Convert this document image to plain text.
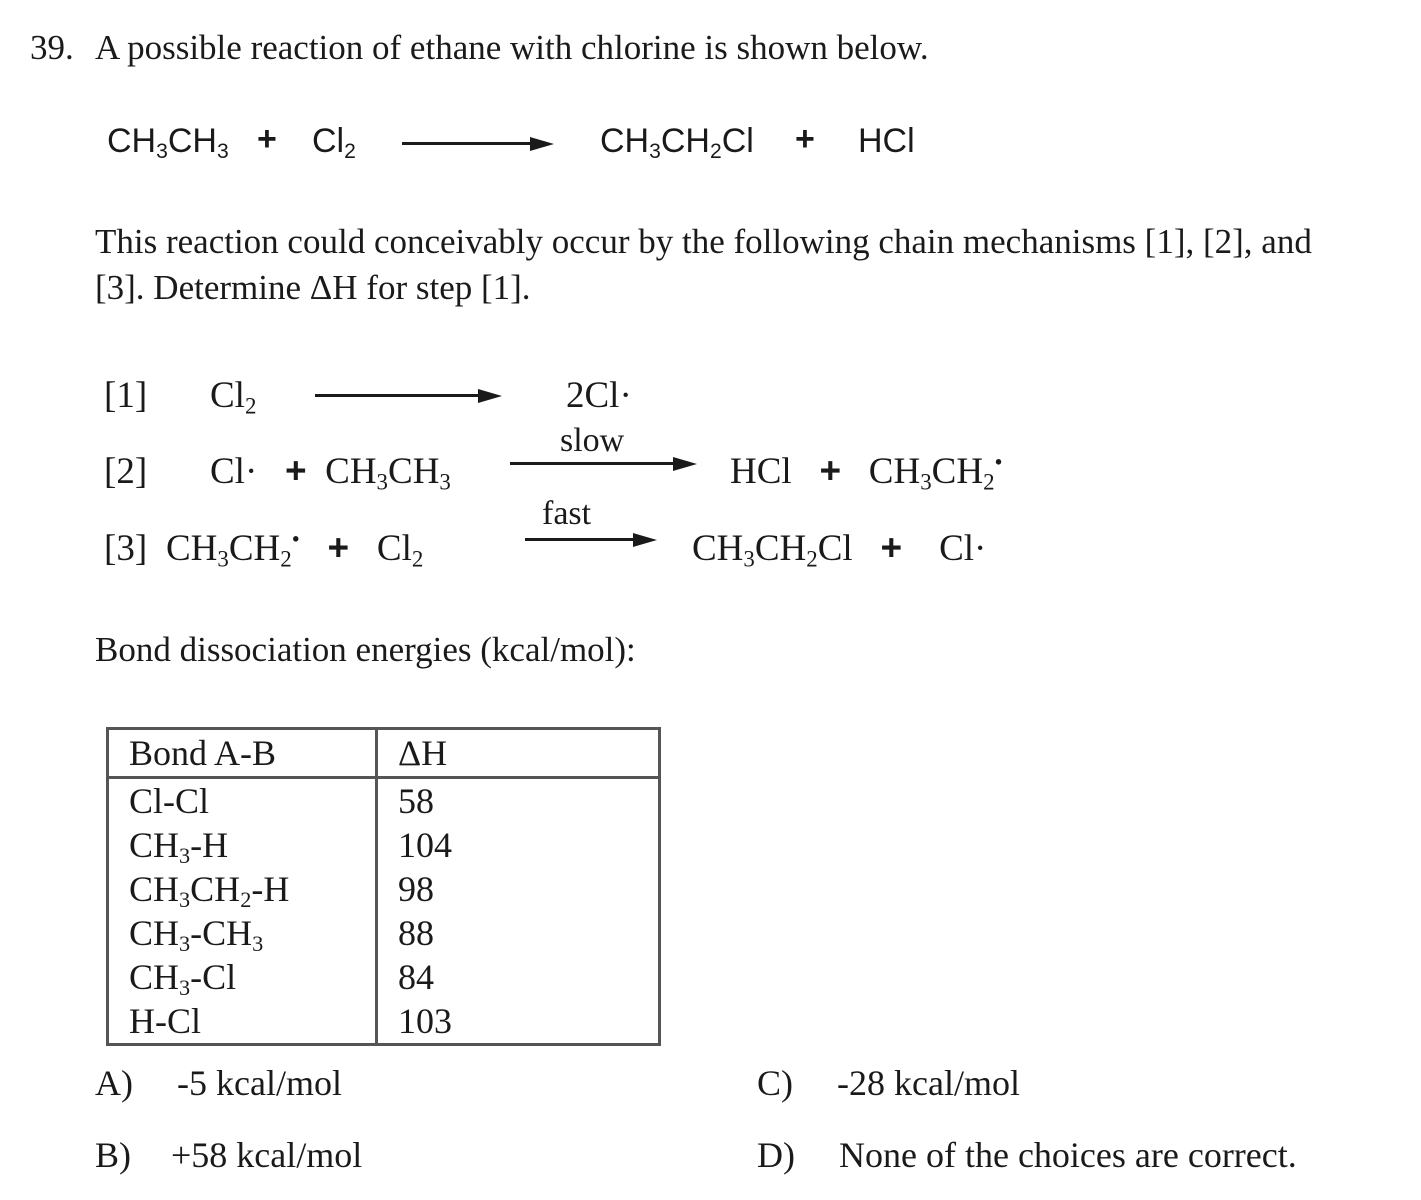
39. A possible reaction of ethane with chlorine is shown below.
$CH_3CH_3 + Cl_2$	$CH_3CH_2Cl$ + HCl
This reaction could conceivably occur by the following chain mechanisms [1], [2], and
[3]. Determine ΔH for step [1].
[1] $Cl_2$	2Cl·
[2] $Cl\cdot + CH_3CH_3$
slow
HCl   +   $CH_3CH_2^•$
[3] $CH_3CH_2^• + Cl_2$
fast
$CH_3CH_2Cl$   +    Cl·
Bond dissociation energies (kcal/mol):
Bond A-B	ΔH
Cl-Cl	58
$CH_3-H$	104
$CH_3CH_2-H$	98
$CH_3-CH_3$	88
$CH_3-Cl$	84
H-Cl	103
A) -5 kcal/mol
B) +58 kcal/mol
C) -28 kcal/mol
D) None of the choices are correct.
